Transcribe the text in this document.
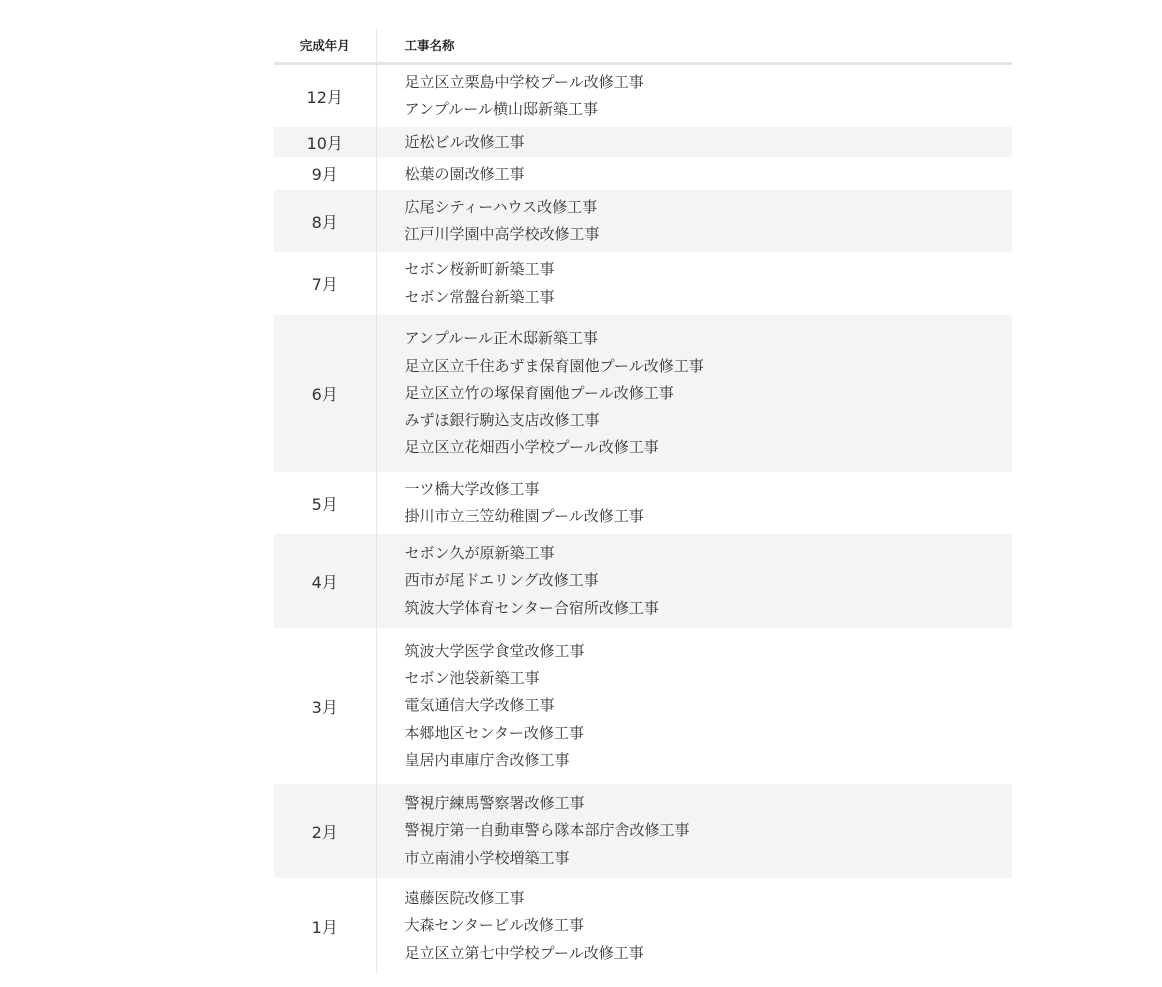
完成年月	工事名称
12月	足立区立栗島中学校プール改修工事
アンプルール横山邸新築工事

10月	近松ビル改修工事

9月	松葉の園改修工事

8月	広尾シティーハウス改修工事
江戸川学園中高学校改修工事

7月	セボン桜新町新築工事
セボン常盤台新築工事

6月	アンプルール正木邸新築工事
足立区立千住あずま保育園他プール改修工事
足立区立竹の塚保育園他プール改修工事
みずほ銀行駒込支店改修工事
足立区立花畑西小学校プール改修工事

5月	一ツ橋大学改修工事
掛川市立三笠幼稚園プール改修工事

4月	セボン久が原新築工事
西市が尾ドエリング改修工事
筑波大学体育センター合宿所改修工事

3月	筑波大学医学食堂改修工事
セボン池袋新築工事
電気通信大学改修工事
本郷地区センター改修工事
皇居内車庫庁舎改修工事

2月	警視庁練馬警察署改修工事
警視庁第一自動車警ら隊本部庁舎改修工事
市立南浦小学校増築工事

1月	遠藤医院改修工事
大森センタービル改修工事
足立区立第七中学校プール改修工事
